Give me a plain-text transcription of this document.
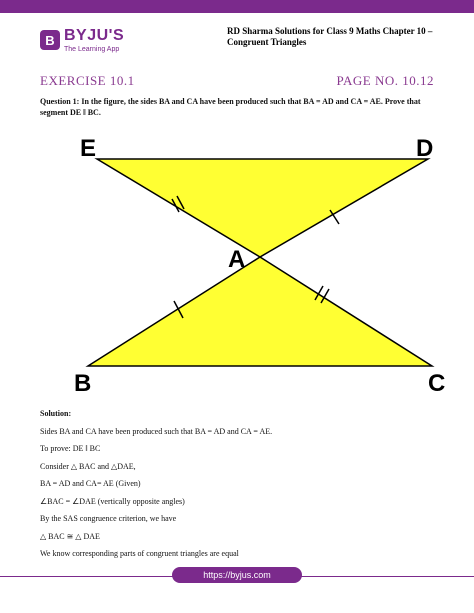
B BYJU'S
The Learning App
RD Sharma Solutions for Class 9 Maths Chapter 10 –
Congruent Triangles
EXERCISE 10.1	PAGE NO. 10.12
Question 1: In the figure, the sides BA and CA have been produced such that BA = AD and CA = AE. Prove that
segment DE ‖ BC.
E	D
A
B	C

Solution:

Sides BA and CA have been produced such that BA = AD and CA = AE.

To prove: DE ‖ BC

Consider △ BAC and △DAE,

BA = AD and CA= AE (Given)

∠BAC = ∠DAE (vertically opposite angles)

By the SAS congruence criterion, we have

△ BAC ≅ △ DAE

We know corresponding parts of congruent triangles are equal

https://byjus.com
